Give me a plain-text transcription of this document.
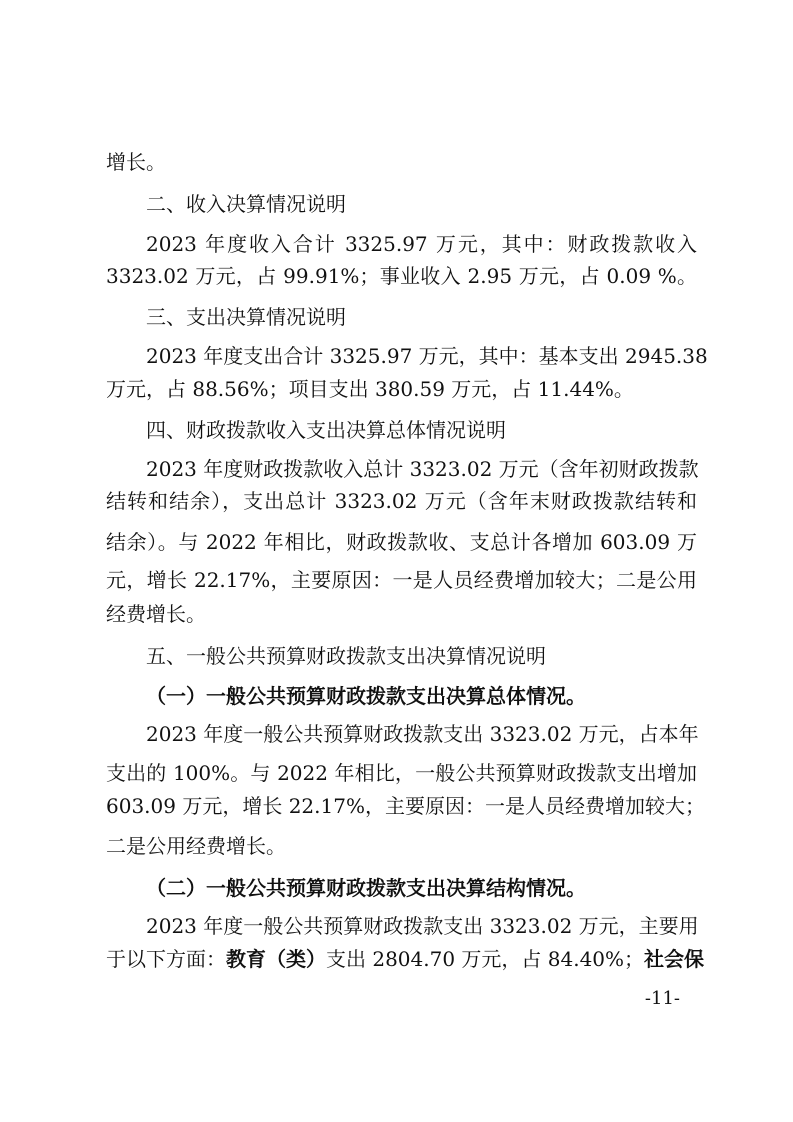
增长。
二、收入决算情况说明
2023 年度收入合计 3325.97 万元，其中：财政拨款收入
3323.02 万元，占 99.91%；事业收入 2.95 万元，占 0.09 %。
三、支出决算情况说明
2023 年度支出合计 3325.97 万元，其中：基本支出 2945.38
万元，占 88.56%；项目支出 380.59 万元，占 11.44%。
四、财政拨款收入支出决算总体情况说明
2023 年度财政拨款收入总计 3323.02 万元（含年初财政拨款
结转和结余），支出总计 3323.02 万元（含年末财政拨款结转和
结余）。与 2022 年相比，财政拨款收、支总计各增加 603.09 万
元，增长 22.17%，主要原因：一是人员经费增加较大；二是公用
经费增长。
五、一般公共预算财政拨款支出决算情况说明
（一）一般公共预算财政拨款支出决算总体情况。
2023 年度一般公共预算财政拨款支出 3323.02 万元，占本年
支出的 100%。与 2022 年相比，一般公共预算财政拨款支出增加
603.09 万元，增长 22.17%，主要原因：一是人员经费增加较大；
二是公用经费增长。
（二）一般公共预算财政拨款支出决算结构情况。
2023 年度一般公共预算财政拨款支出 3323.02 万元，主要用
于以下方面：教育（类）支出 2804.70 万元，占 84.40%；社会保
-11-
